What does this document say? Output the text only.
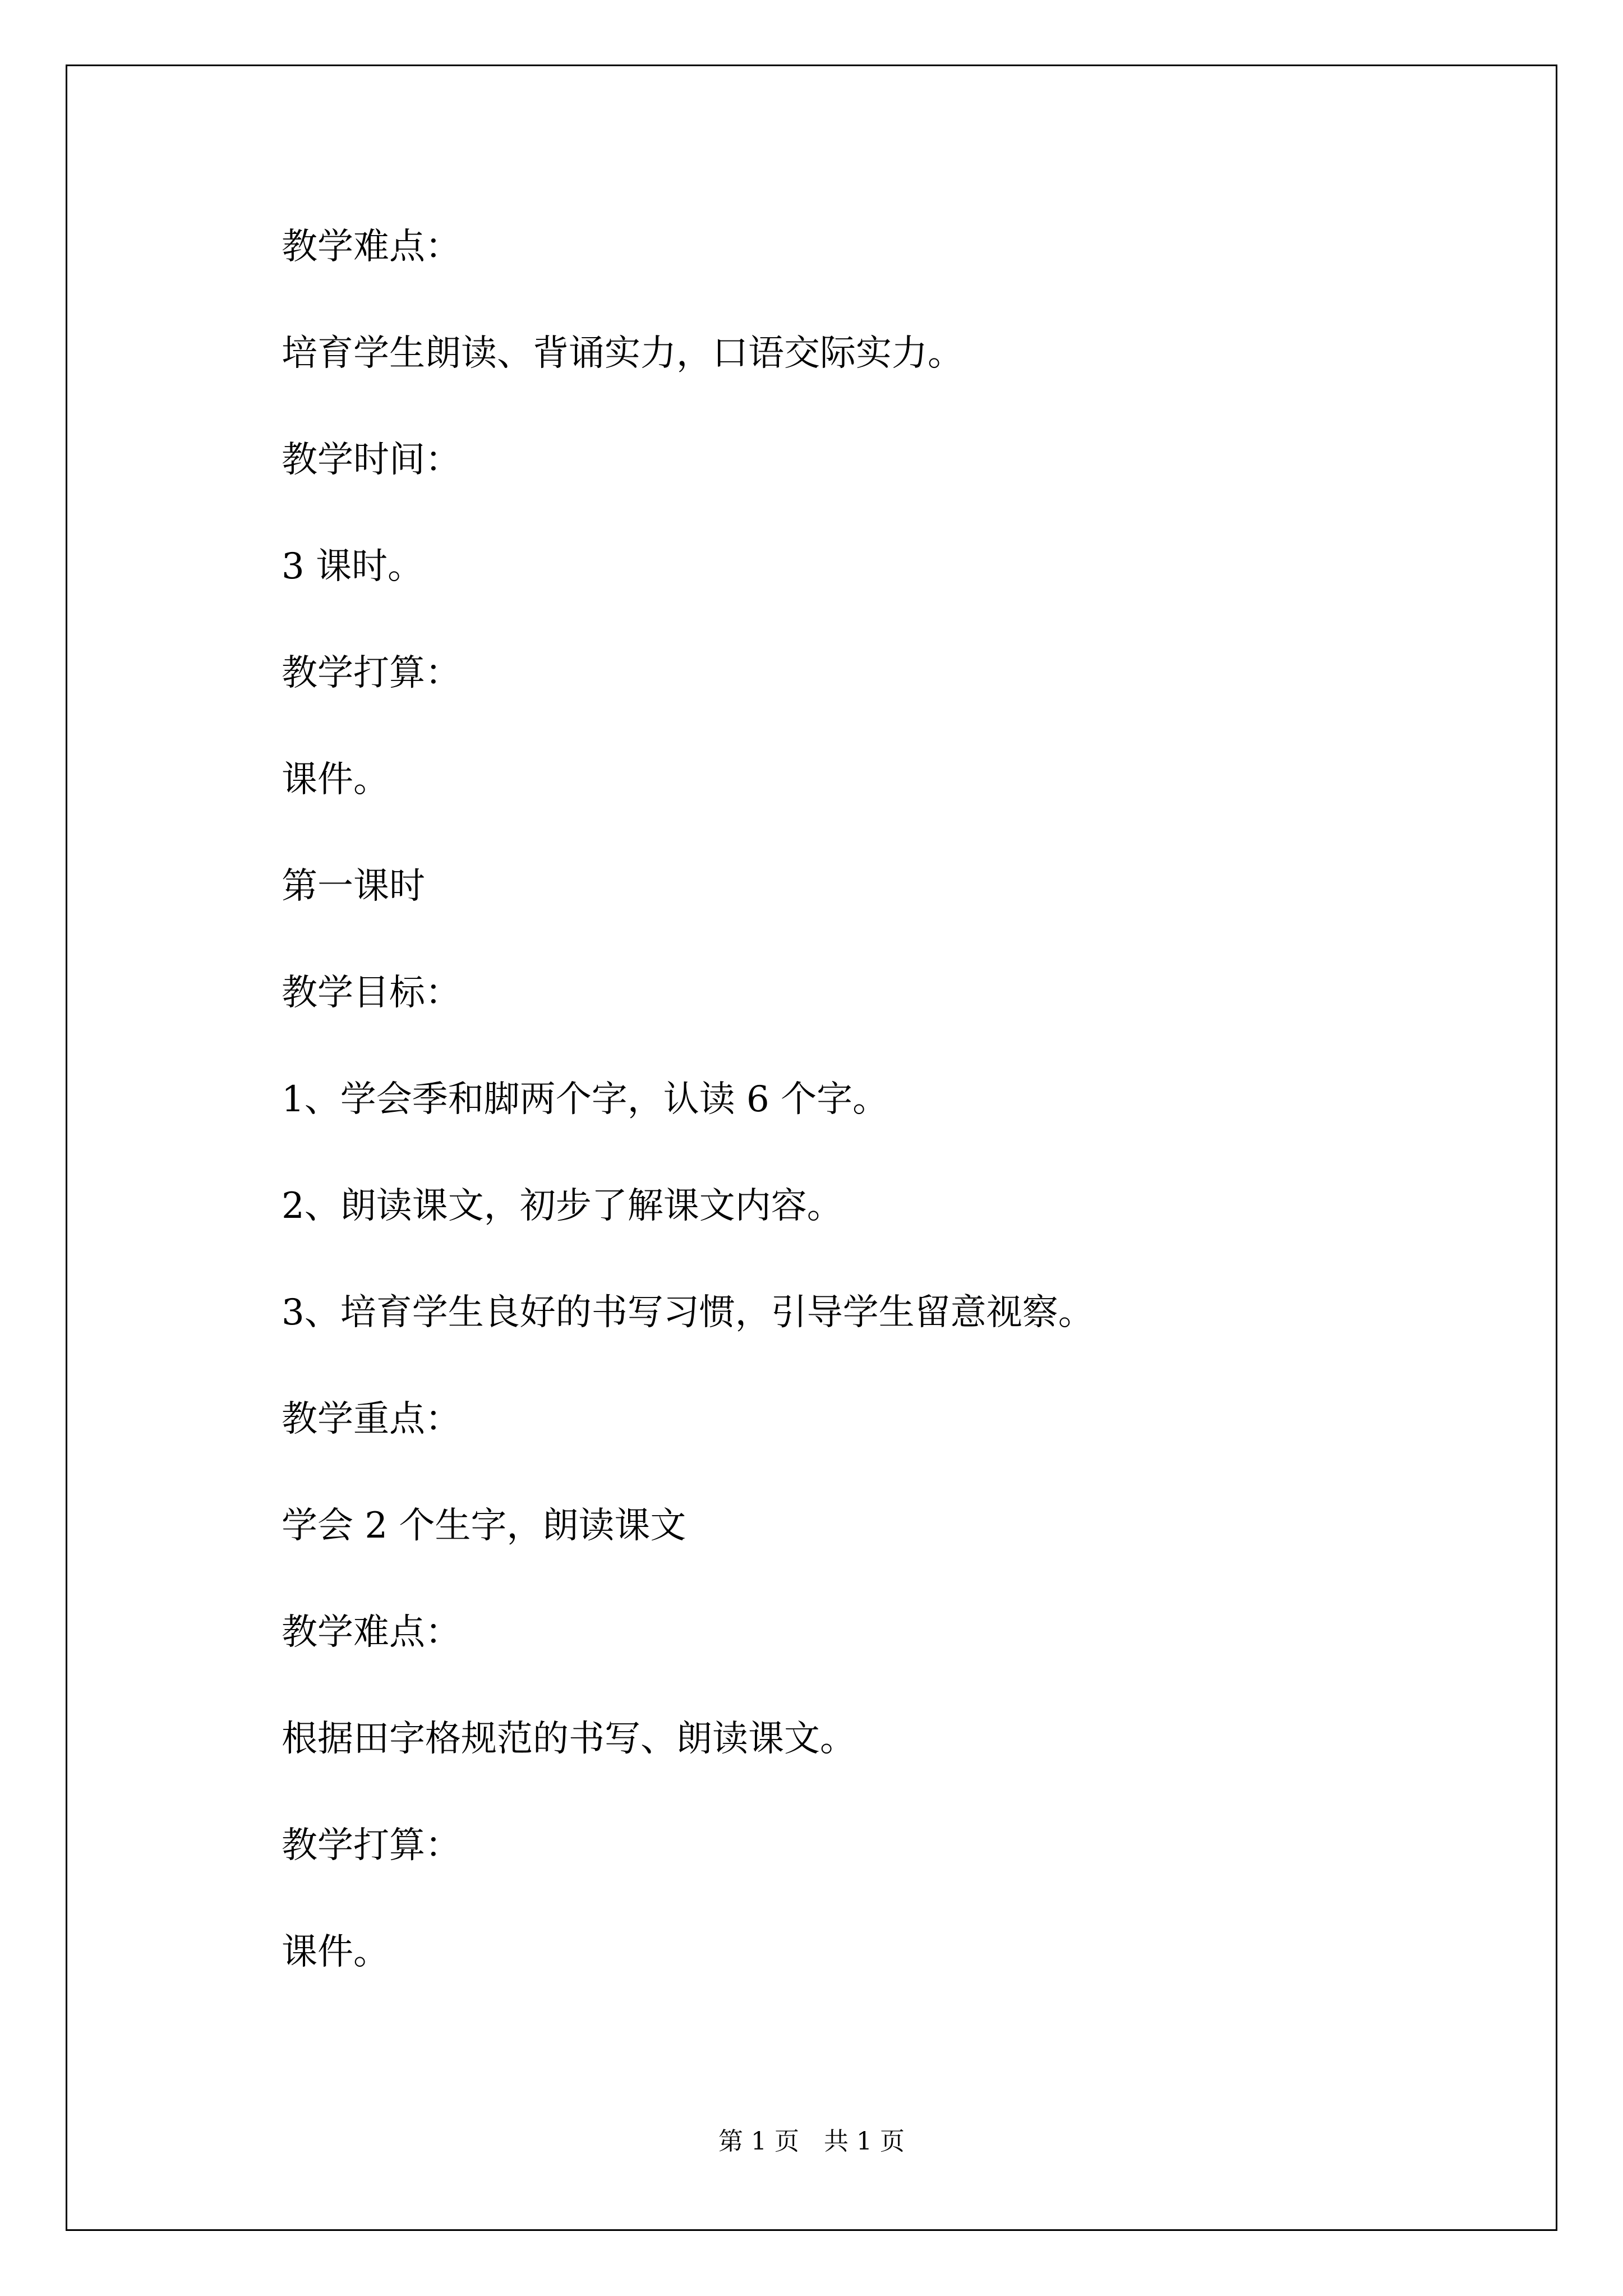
教学难点：
培育学生朗读、背诵实力，口语交际实力。
教学时间：
3 课时。
教学打算：
课件。
第一课时
教学目标：
1、学会季和脚两个字，认读 6 个字。
2、朗读课文，初步了解课文内容。
3、培育学生良好的书写习惯，引导学生留意视察。
教学重点：
学会 2 个生字，朗读课文
教学难点：
根据田字格规范的书写、朗读课文。
教学打算：
课件。
第 1 页　共 1 页
